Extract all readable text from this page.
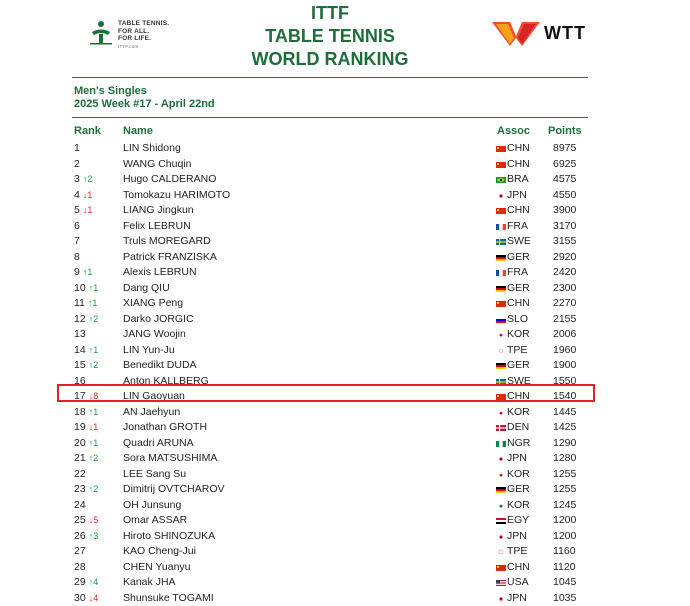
TABLE TENNIS.
FOR ALL.
FOR LIFE.
ITTF.com
ITTF
TABLE TENNIS
WORLD RANKING
WTT
Men's Singles
2025 Week #17 - April 22nd
Rank Name	Assoc Points
1	LIN Shidong	CHN 8975
2	WANG Chuqin	CHN 6925
3 ↑2	Hugo CALDERANO	BRA 4575
4 ↓1	Tomokazu HARIMOTO	JPN 4550
5 ↓1	LIANG Jingkun	CHN 3900
6	Felix LEBRUN	FRA 3170
7	Truls MOREGARD	SWE 3155
8	Patrick FRANZISKA	GER 2920
9 ↑1	Alexis LEBRUN	FRA 2420
10 ↑1 Dang QIU	GER 2300
11 ↑1 XIANG Peng	CHN 2270
12 ↑2 Darko JORGIC	SLO 2155
13	JANG Woojin	KOR 2006
14 ↑1 LIN Yun-Ju	TPE 1960
15 ↑2 Benedikt DUDA	GER 1900
16	Anton KALLBERG	SWE 1550
17 ↓8 LIN Gaoyuan	CHN 1540
18 ↑1 AN Jaehyun	KOR 1445
19 ↓1 Jonathan GROTH	DEN 1425
20 ↑1 Quadri ARUNA	NGR 1290
21 ↑2 Sora MATSUSHIMA	JPN 1280
22	LEE Sang Su	KOR 1255
23 ↑2 Dimitrij OVTCHAROV	GER 1255
24	OH Junsung	KOR 1245
25 ↓5 Omar ASSAR	EGY 1200
26 ↑3 Hiroto SHINOZUKA	JPN 1200
27	KAO Cheng-Jui	TPE 1160
28	CHEN Yuanyu	CHN 1120
29 ↑4 Kanak JHA	USA 1045
30 ↓4 Shunsuke TOGAMI	JPN 1035
